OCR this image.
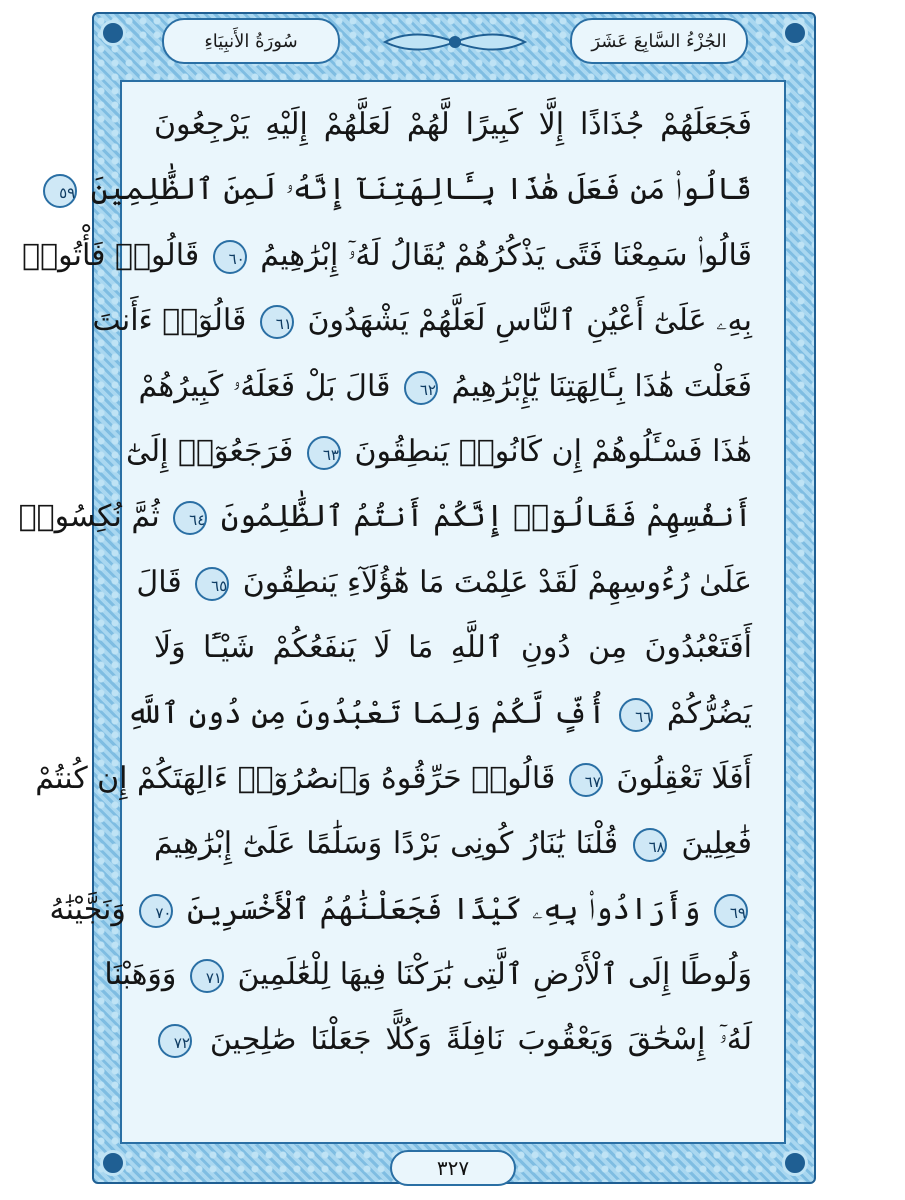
سُورَةُ الأَنبِيَاءِ	الجُزْءُ السَّابِعَ عَشَرَ
فَجَعَلَهُمْ جُذَاذًا إِلَّا كَبِيرًا لَّهُمْ لَعَلَّهُمْ إِلَيْهِ يَرْجِعُونَ
قَالُوا۟ مَن فَعَلَ هَٰذَا بِـَٔالِهَتِنَآ إِنَّهُۥ لَمِنَ ٱلظَّٰلِمِينَ ٥٩
قَالُوا۟ سَمِعْنَا فَتًى يَذْكُرُهُمْ يُقَالُ لَهُۥٓ إِبْرَٰهِيمُ ٦٠ قَالُوا۟ فَأْتُوا۟
بِهِۦ عَلَىٰٓ أَعْيُنِ ٱلنَّاسِ لَعَلَّهُمْ يَشْهَدُونَ ٦١ قَالُوٓا۟ ءَأَنتَ
فَعَلْتَ هَٰذَا بِـَٔالِهَتِنَا يَٰٓإِبْرَٰهِيمُ ٦٢ قَالَ بَلْ فَعَلَهُۥ كَبِيرُهُمْ
هَٰذَا فَسْـَٔلُوهُمْ إِن كَانُوا۟ يَنطِقُونَ ٦٣ فَرَجَعُوٓا۟ إِلَىٰٓ
أَنفُسِهِمْ فَقَالُوٓا۟ إِنَّكُمْ أَنتُمُ ٱلظَّٰلِمُونَ ٦٤ ثُمَّ نُكِسُوا۟
عَلَىٰ رُءُوسِهِمْ لَقَدْ عَلِمْتَ مَا هَٰٓؤُلَآءِ يَنطِقُونَ ٦٥ قَالَ
أَفَتَعْبُدُونَ مِن دُونِ ٱللَّهِ مَا لَا يَنفَعُكُمْ شَيْـًٔا وَلَا
يَضُرُّكُمْ ٦٦ أُفٍّ لَّكُمْ وَلِمَا تَعْبُدُونَ مِن دُونِ ٱللَّهِ
أَفَلَا تَعْقِلُونَ ٦٧ قَالُوا۟ حَرِّقُوهُ وَٱنصُرُوٓا۟ ءَالِهَتَكُمْ إِن كُنتُمْ
فَٰعِلِينَ ٦٨ قُلْنَا يَٰنَارُ كُونِى بَرْدًا وَسَلَٰمًا عَلَىٰٓ إِبْرَٰهِيمَ
٦٩ وَأَرَادُوا۟ بِهِۦ كَيْدًا فَجَعَلْنَٰهُمُ ٱلْأَخْسَرِينَ ٧٠ وَنَجَّيْنَٰهُ
وَلُوطًا إِلَى ٱلْأَرْضِ ٱلَّتِى بَٰرَكْنَا فِيهَا لِلْعَٰلَمِينَ ٧١ وَوَهَبْنَا
لَهُۥٓ إِسْحَٰقَ وَيَعْقُوبَ نَافِلَةً وَكُلًّا جَعَلْنَا صَٰلِحِينَ ٧٢
٣٢٧
